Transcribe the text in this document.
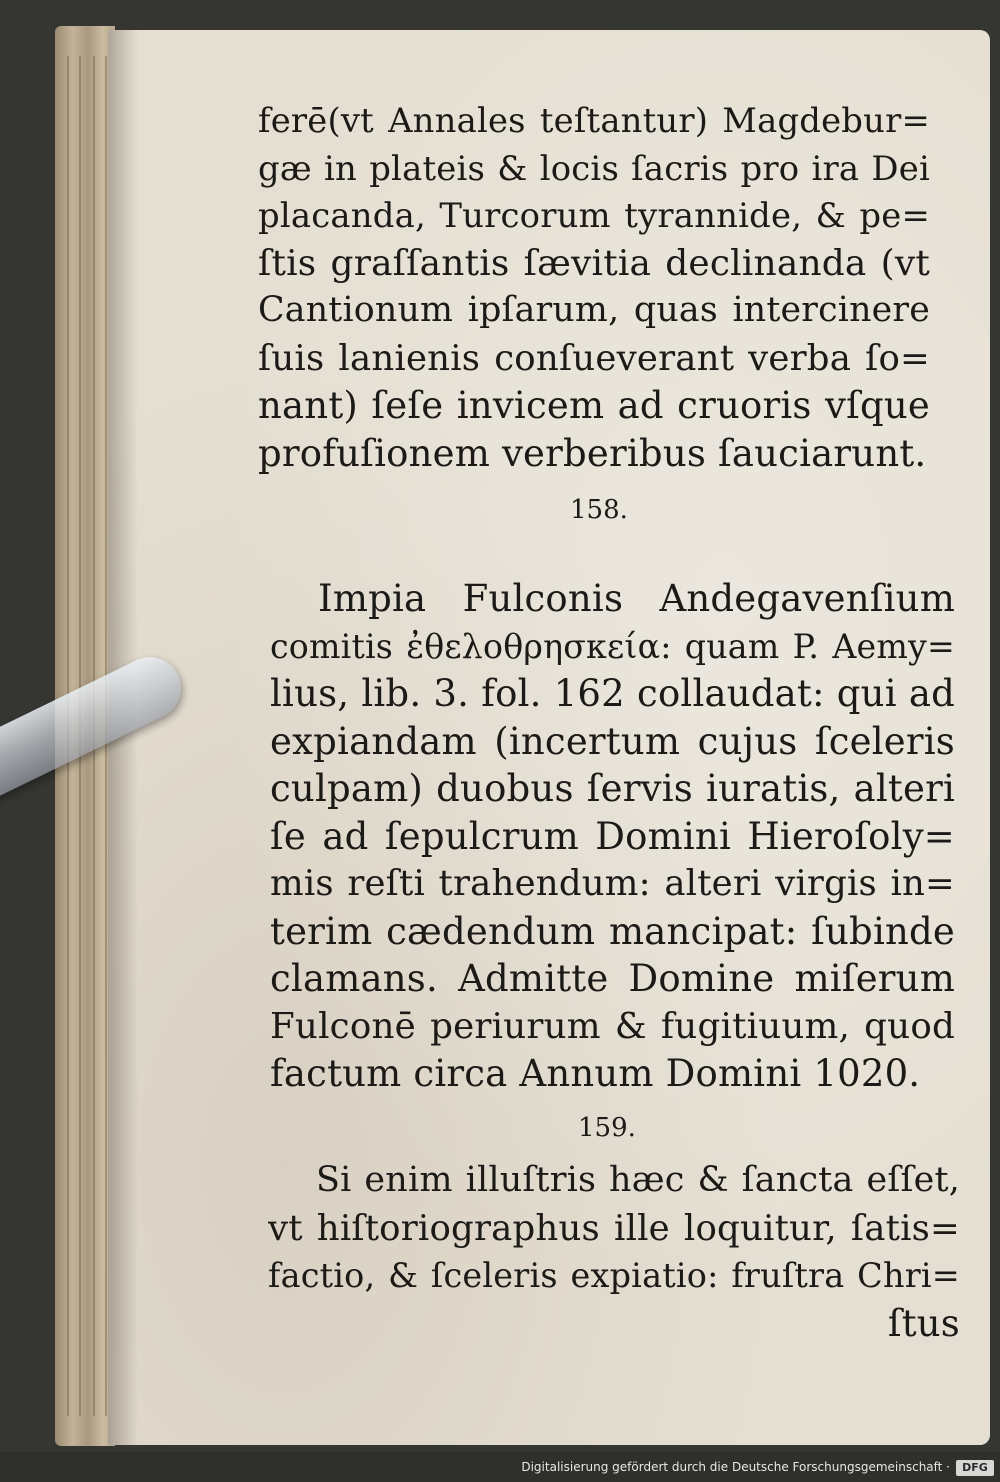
ferē(vt Annales teſtantur) Magdebur=
gæ in plateis & locis ſacris pro ira Dei
placanda, Turcorum tyrannide, & pe=
ſtis graſſantis ſævitia declinanda (vt
Cantionum ipſarum, quas intercinere
ſuis lanienis conſueverant verba ſo=
nant) ſeſe invicem ad cruoris vſque
profuſionem verberibus ſauciarunt.
158.
Impia Fulconis Andegavenſium
comitis ἐθελοθρησκεία: quam P. Aemy=
lius, lib. 3. fol. 162 collaudat: qui ad
expiandam (incertum cujus ſceleris
culpam) duobus ſervis iuratis, alteri
ſe ad ſepulcrum Domini Hieroſoly=
mis reſti trahendum: alteri virgis in=
terim cædendum mancipat: ſubinde
clamans. Admitte Domine miſerum
Fulconē periurum & fugitiuum, quod
factum circa Annum Domini 1020.
159.
Si enim illuſtris hæc & ſancta eſſet,
vt hiſtoriographus ille loquitur, ſatis=
factio, & ſceleris expiatio: fruſtra Chri=
ſtus
Digitalisierung gefördert durch die Deutsche Forschungsgemeinschaft ·	DFG
